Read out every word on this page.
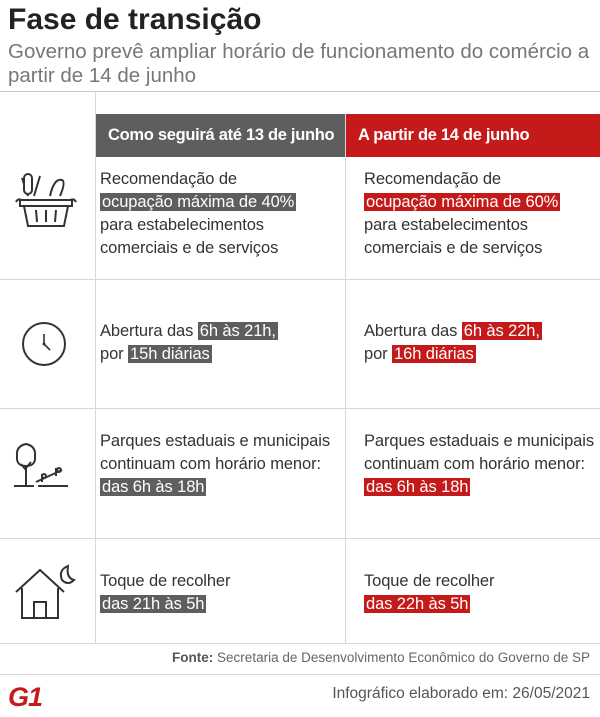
Fase de transição
Governo prevê ampliar horário de funcionamento do comércio a partir de 14 de junho
Como seguirá até 13 de junho	A partir de 14 de junho
Recomendação de
ocupação máxima de 40%
para estabelecimentos comerciais e de serviços
Recomendação de
ocupação máxima de 60%
para estabelecimentos comerciais e de serviços
Abertura das 6h às 21h,
por 15h diárias
Abertura das 6h às 22h,
por 16h diárias
Parques estaduais e municipais continuam com horário menor:
das 6h às 18h
Parques estaduais e municipais continuam com horário menor:
das 6h às 18h
Toque de recolher
das 21h às 5h
Toque de recolher
das 22h às 5h
Fonte: Secretaria de Desenvolvimento Econômico do Governo de SP
G1	Infográfico elaborado em: 26/05/2021
